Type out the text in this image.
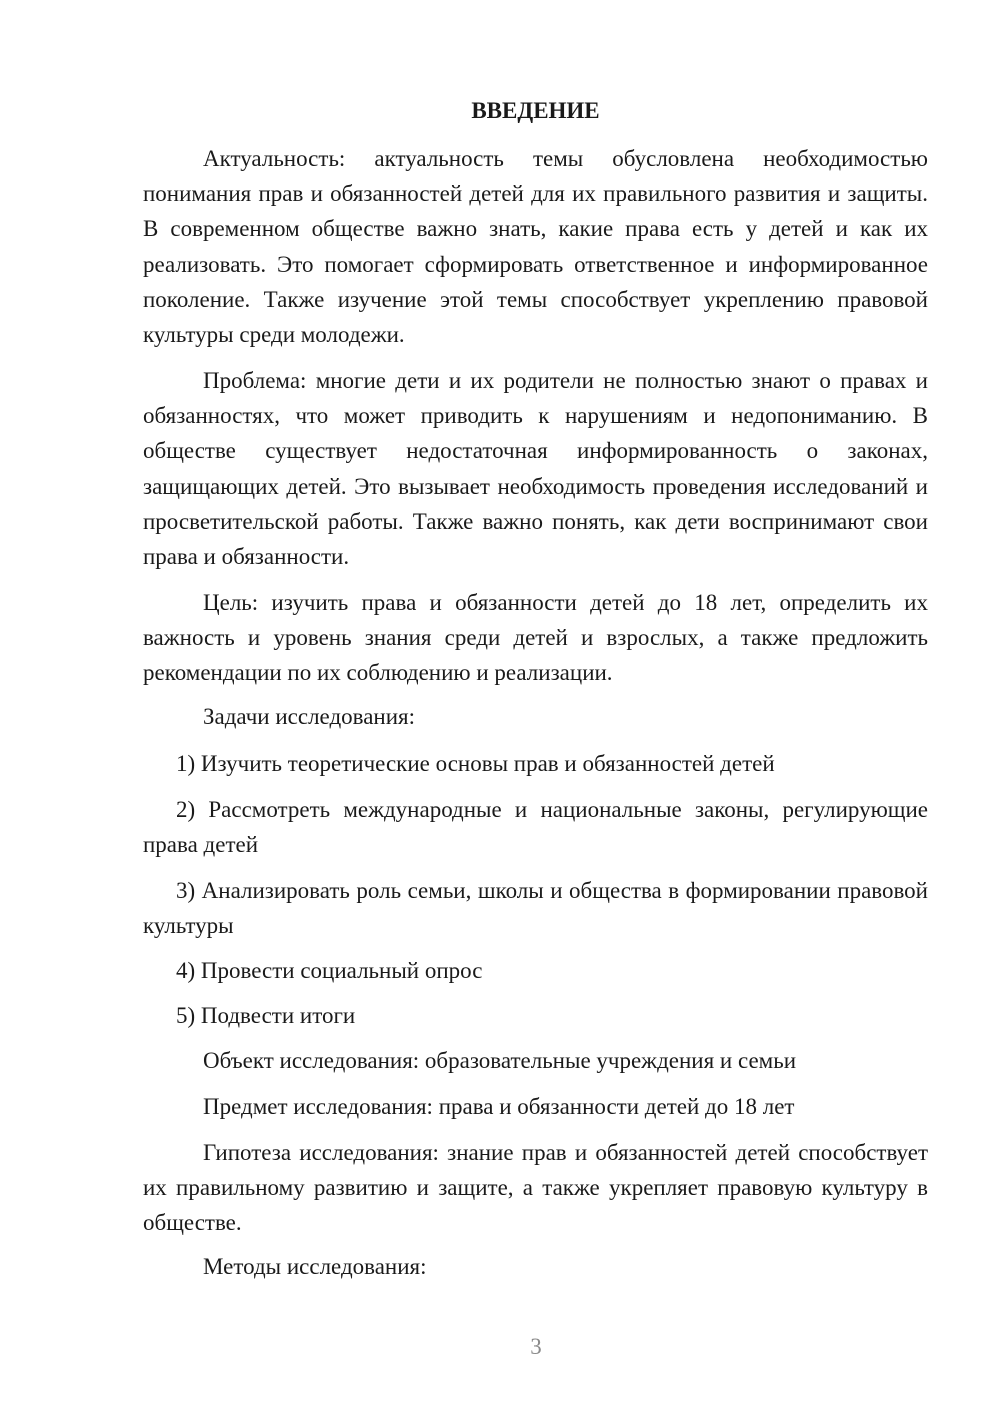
ВВЕДЕНИЕ

Актуальность: актуальность темы обусловлена необходимостью понимания прав и обязанностей детей для их правильного развития и защиты. В современном обществе важно знать, какие права есть у детей и как их реализовать. Это помогает сформировать ответственное и информированное поколение. Также изучение этой темы способствует укреплению правовой культуры среди молодежи.

Проблема: многие дети и их родители не полностью знают о правах и обязанностях, что может приводить к нарушениям и недопониманию. В обществе существует недостаточная информированность о законах, защищающих детей. Это вызывает необходимость проведения исследований и просветительской работы. Также важно понять, как дети воспринимают свои права и обязанности.

Цель: изучить права и обязанности детей до 18 лет, определить их важность и уровень знания среди детей и взрослых, а также предложить рекомендации по их соблюдению и реализации.

Задачи исследования:

1) Изучить теоретические основы прав и обязанностей детей

2) Рассмотреть международные и национальные законы, регулирующие права детей

3) Анализировать роль семьи, школы и общества в формировании правовой культуры

4) Провести социальный опрос

5) Подвести итоги

Объект исследования: образовательные учреждения и семьи

Предмет исследования: права и обязанности детей до 18 лет

Гипотеза исследования: знание прав и обязанностей детей способствует их правильному развитию и защите, а также укрепляет правовую культуру в обществе.

Методы исследования:

3
